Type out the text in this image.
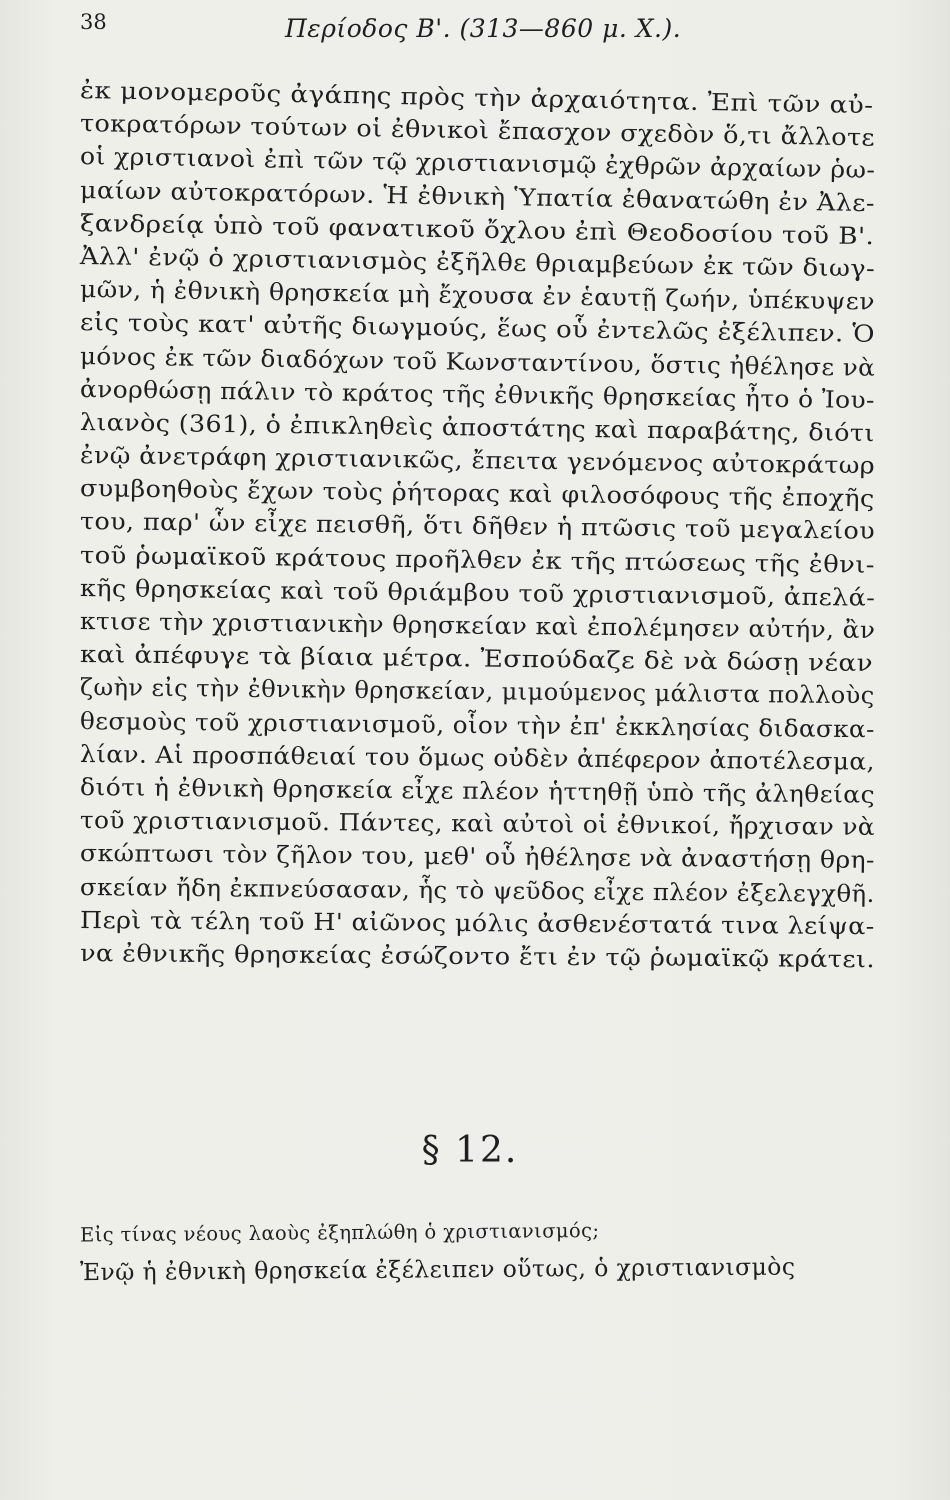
38	Περίοδος Β'. (313—860 μ. Χ.).
ἐκ μονομεροῦς ἀγάπης πρὸς τὴν ἀρχαιότητα. Ἐπὶ τῶν αὐ-
τοκρατόρων τούτων οἱ ἐθνικοὶ ἔπασχον σχεδὸν ὅ,τι ἄλλοτε
οἱ χριστιανοὶ ἐπὶ τῶν τῷ χριστιανισμῷ ἐχθρῶν ἀρχαίων ῥω-
μαίων αὐτοκρατόρων. Ἡ ἐθνικὴ Ὑπατία ἐθανατώθη ἐν Ἀλε-
ξανδρείᾳ ὑπὸ τοῦ φανατικοῦ ὄχλου ἐπὶ Θεοδοσίου τοῦ Β'.
Ἀλλ' ἐνῷ ὁ χριστιανισμὸς ἐξῆλθε θριαμβεύων ἐκ τῶν διωγ-
μῶν, ἡ ἐθνικὴ θρησκεία μὴ ἔχουσα ἐν ἑαυτῇ ζωήν, ὑπέκυψεν
εἰς τοὺς κατ' αὐτῆς διωγμούς, ἕως οὗ ἐντελῶς ἐξέλιπεν. Ὁ
μόνος ἐκ τῶν διαδόχων τοῦ Κωνσταντίνου, ὅστις ἠθέλησε νὰ
ἀνορθώσῃ πάλιν τὸ κράτος τῆς ἐθνικῆς θρησκείας ἦτο ὁ Ἰου-
λιανὸς (361), ὁ ἐπικληθεὶς ἀποστάτης καὶ παραβάτης, διότι
ἐνῷ ἀνετράφη χριστιανικῶς, ἔπειτα γενόμενος αὐτοκράτωρ
συμβοηθοὺς ἔχων τοὺς ῥήτορας καὶ φιλοσόφους τῆς ἐποχῆς
του, παρ' ὧν εἶχε πεισθῆ, ὅτι δῆθεν ἡ πτῶσις τοῦ μεγαλείου
τοῦ ῥωμαϊκοῦ κράτους προῆλθεν ἐκ τῆς πτώσεως τῆς ἐθνι-
κῆς θρησκείας καὶ τοῦ θριάμβου τοῦ χριστιανισμοῦ, ἀπελά-
κτισε τὴν χριστιανικὴν θρησκείαν καὶ ἐπολέμησεν αὐτήν, ἂν
καὶ ἀπέφυγε τὰ βίαια μέτρα. Ἐσπούδαζε δὲ νὰ δώσῃ νέαν
ζωὴν εἰς τὴν ἐθνικὴν θρησκείαν, μιμούμενος μάλιστα πολλοὺς
θεσμοὺς τοῦ χριστιανισμοῦ, οἷον τὴν ἐπ' ἐκκλησίας διδασκα-
λίαν. Αἱ προσπάθειαί του ὅμως οὐδὲν ἀπέφερον ἀποτέλεσμα,
διότι ἡ ἐθνικὴ θρησκεία εἶχε πλέον ἡττηθῇ ὑπὸ τῆς ἀληθείας
τοῦ χριστιανισμοῦ. Πάντες, καὶ αὐτοὶ οἱ ἐθνικοί, ἤρχισαν νὰ
σκώπτωσι τὸν ζῆλον του, μεθ' οὗ ἠθέλησε νὰ ἀναστήσῃ θρη-
σκείαν ἤδη ἐκπνεύσασαν, ἧς τὸ ψεῦδος εἶχε πλέον ἐξελεγχθῆ.
Περὶ τὰ τέλη τοῦ Η' αἰῶνος μόλις ἀσθενέστατά τινα λείψα-
να ἐθνικῆς θρησκείας ἐσώζοντο ἔτι ἐν τῷ ῥωμαϊκῷ κράτει.
§ 12.
Εἰς τίνας νέους λαοὺς ἐξηπλώθη ὁ χριστιανισμός;
Ἐνῷ ἡ ἐθνικὴ θρησκεία ἐξέλειπεν οὕτως, ὁ χριστιανισμὸς
